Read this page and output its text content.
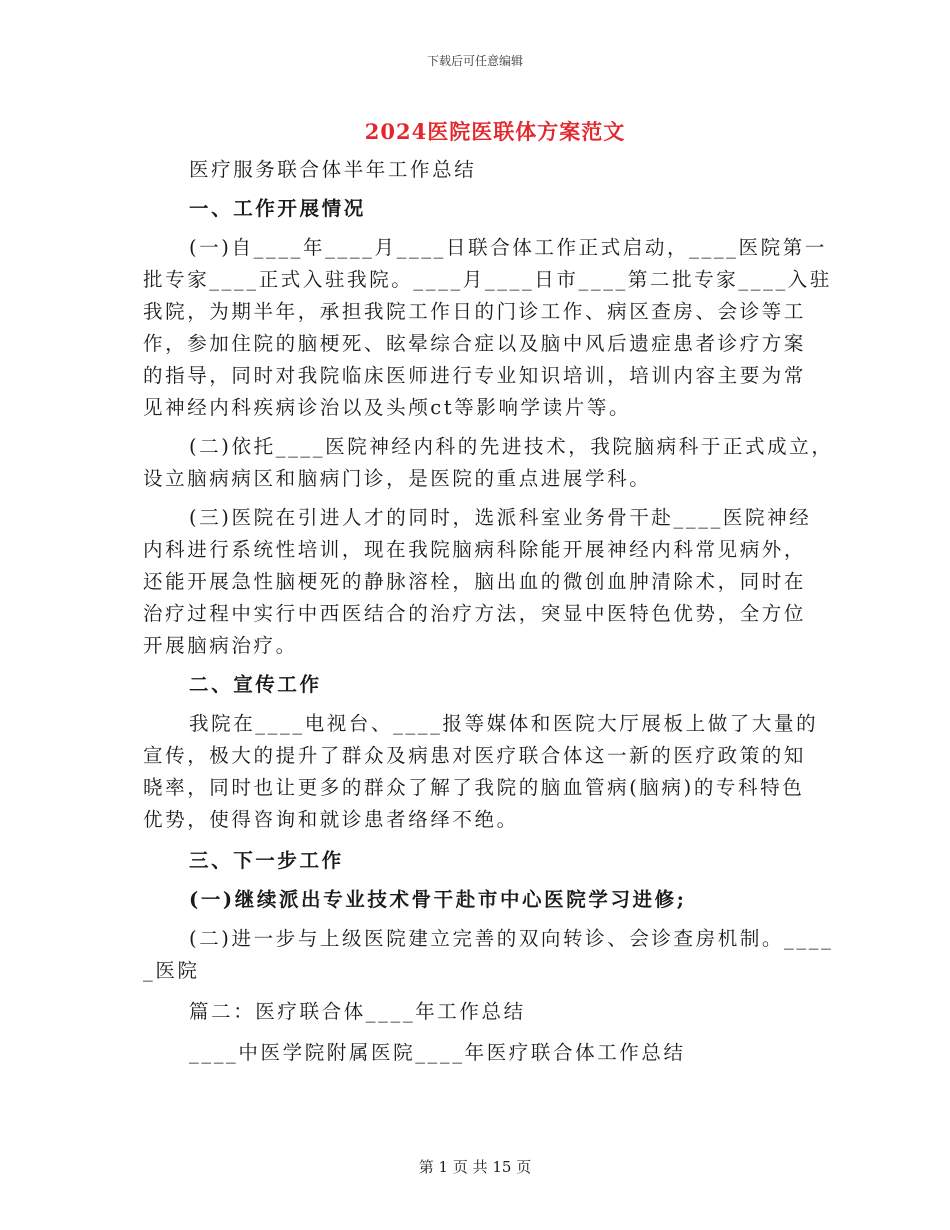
下载后可任意编辑
2024医院医联体方案范文
医疗服务联合体半年工作总结
一、工作开展情况
(一)自____年____月____日联合体工作正式启动，____医院第一
批专家____正式入驻我院。____月____日市____第二批专家____入驻
我院，为期半年，承担我院工作日的门诊工作、病区查房、会诊等工
作，参加住院的脑梗死、眩晕综合症以及脑中风后遗症患者诊疗方案
的指导，同时对我院临床医师进行专业知识培训，培训内容主要为常
见神经内科疾病诊治以及头颅ct等影响学读片等。
(二)依托____医院神经内科的先进技术，我院脑病科于正式成立，
设立脑病病区和脑病门诊，是医院的重点进展学科。
(三)医院在引进人才的同时，选派科室业务骨干赴____医院神经
内科进行系统性培训，现在我院脑病科除能开展神经内科常见病外，
还能开展急性脑梗死的静脉溶栓，脑出血的微创血肿清除术，同时在
治疗过程中实行中西医结合的治疗方法，突显中医特色优势，全方位
开展脑病治疗。
二、宣传工作
我院在____电视台、____报等媒体和医院大厅展板上做了大量的
宣传，极大的提升了群众及病患对医疗联合体这一新的医疗政策的知
晓率，同时也让更多的群众了解了我院的脑血管病(脑病)的专科特色
优势，使得咨询和就诊患者络绎不绝。
三、下一步工作
(一)继续派出专业技术骨干赴市中心医院学习进修;
(二)进一步与上级医院建立完善的双向转诊、会诊查房机制。____
_医院
篇二：医疗联合体____年工作总结
____中医学院附属医院____年医疗联合体工作总结
第 1 页 共 15 页
